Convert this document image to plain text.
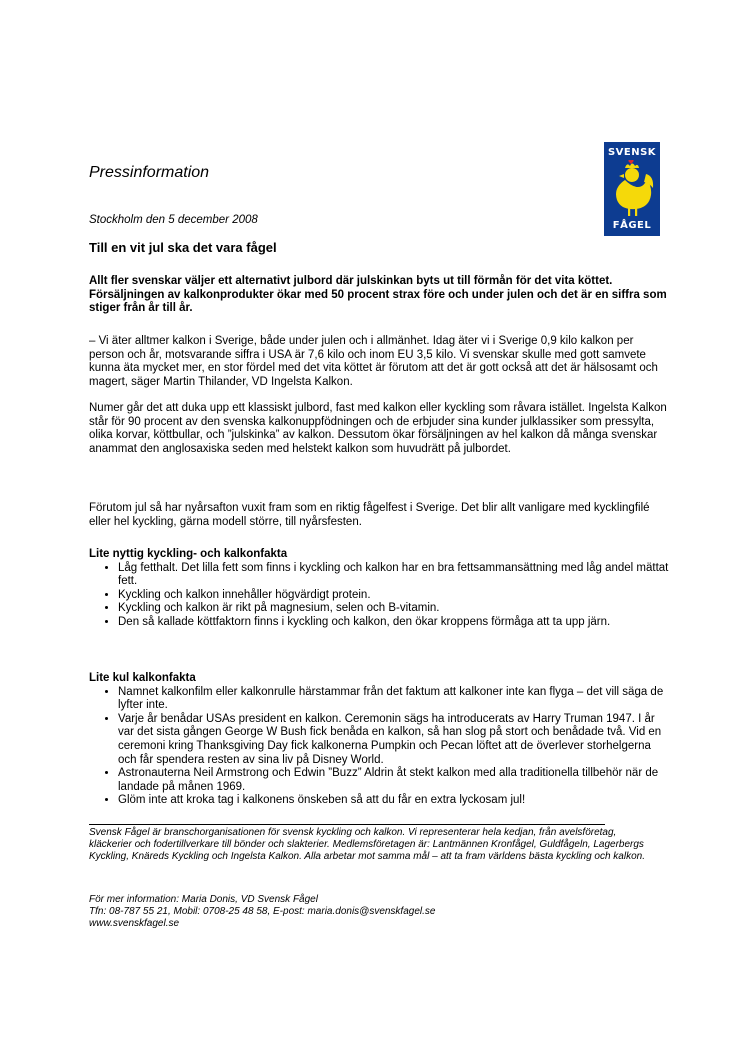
SVENSK
FÅGEL
Pressinformation
Stockholm den 5 december 2008
Till en vit jul ska det vara fågel
Allt fler svenskar väljer ett alternativt julbord där julskinkan byts ut till förmån för det vita köttet. Försäljningen av kalkonprodukter ökar med 50 procent strax före och under julen och det är en siffra som stiger från år till år.
– Vi äter alltmer kalkon i Sverige, både under julen och i allmänhet. Idag äter vi i Sverige 0,9 kilo kalkon per person och år, motsvarande siffra i USA är 7,6 kilo och inom EU 3,5 kilo. Vi svenskar skulle med gott samvete kunna äta mycket mer, en stor fördel med det vita köttet är förutom att det är gott också att det är hälsosamt och magert, säger Martin Thilander, VD Ingelsta Kalkon.
Numer går det att duka upp ett klassiskt julbord, fast med kalkon eller kyckling som råvara istället. Ingelsta Kalkon står för 90 procent av den svenska kalkonuppfödningen och de erbjuder sina kunder julklassiker som pressylta, olika korvar, köttbullar, och ”julskinka” av kalkon. Dessutom ökar försäljningen av hel kalkon då många svenskar anammat den anglosaxiska seden med helstekt kalkon som huvudrätt på julbordet.
Förutom jul så har nyårsafton vuxit fram som en riktig fågelfest i Sverige. Det blir allt vanligare med kycklingfilé eller hel kyckling, gärna modell större, till nyårsfesten.
Lite nyttig kyckling- och kalkonfakta
• Låg fetthalt. Det lilla fett som finns i kyckling och kalkon har en bra fettsammansättning med låg andel mättat fett.
• Kyckling och kalkon innehåller högvärdigt protein.
• Kyckling och kalkon är rikt på magnesium, selen och B-vitamin.
• Den så kallade köttfaktorn finns i kyckling och kalkon, den ökar kroppens förmåga att ta upp järn.
Lite kul kalkonfakta
• Namnet kalkonfilm eller kalkonrulle härstammar från det faktum att kalkoner inte kan flyga – det vill säga de lyfter inte.
• Varje år benådar USAs president en kalkon. Ceremonin sägs ha introducerats av Harry Truman 1947. I år var det sista gången George W Bush fick benåda en kalkon, så han slog på stort och benådade två. Vid en ceremoni kring Thanksgiving Day fick kalkonerna Pumpkin och Pecan löftet att de överlever storhelgerna och får spendera resten av sina liv på Disney World.
• Astronauterna Neil Armstrong och Edwin ”Buzz” Aldrin åt stekt kalkon med alla traditionella tillbehör när de landade på månen 1969.
• Glöm inte att kroka tag i kalkonens önskeben så att du får en extra lyckosam jul!
Svensk Fågel är branschorganisationen för svensk kyckling och kalkon. Vi representerar hela kedjan, från avelsföretag, kläckerier och fodertillverkare till bönder och slakterier. Medlemsföretagen är: Lantmännen Kronfågel, Guldfågeln, Lagerbergs Kyckling, Knäreds Kyckling och Ingelsta Kalkon. Alla arbetar mot samma mål – att ta fram världens bästa kyckling och kalkon.
För mer information: Maria Donis, VD Svensk Fågel
Tfn: 08-787 55 21, Mobil: 0708-25 48 58, E-post: maria.donis@svenskfagel.se
www.svenskfagel.se
